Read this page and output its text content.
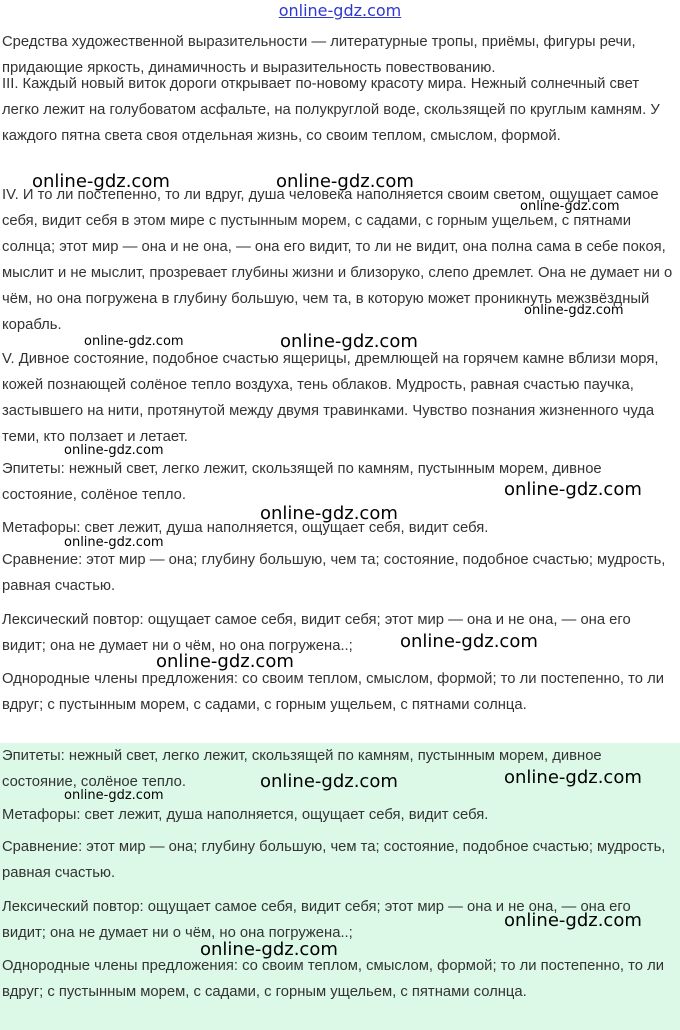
online-gdz.com

Средства художественной выразительности — литературные тропы, приёмы, фигуры речи, придающие яркость, динамичность и выразительность повествованию.

III. Каждый новый виток дороги открывает по-новому красоту мира. Нежный солнечный свет легко лежит на голубоватом асфальте, на полукруглой воде, скользящей по круглым камням. У каждого пятна света своя отдельная жизнь, со своим теплом, смыслом, формой.

IV. И то ли постепенно, то ли вдруг, душа человека наполняется своим светом, ощущает самое себя, видит себя в этом мире с пустынным морем, с садами, с горным ущельем, с пятнами солнца; этот мир — она и не она, — она его видит, то ли не видит, она полна сама в себе покоя, мыслит и не мыслит, прозревает глубины жизни и близоруко, слепо дремлет. Она не думает ни о чём, но она погружена в глубину большую, чем та, в которую может проникнуть межзвёздный корабль.

V. Дивное состояние, подобное счастью ящерицы, дремлющей на горячем камне вблизи моря, кожей познающей солёное тепло воздуха, тень облаков. Мудрость, равная счастью паучка, застывшего на нити, протянутой между двумя травинками. Чувство познания жизненного чуда теми, кто ползает и летает.

Эпитеты: нежный свет, легко лежит, скользящей по камням, пустынным морем, дивное состояние, солёное тепло.

Метафоры: свет лежит, душа наполняется, ощущает себя, видит себя.

Сравнение: этот мир — она; глубину большую, чем та; состояние, подобное счастью; мудрость, равная счастью.

Лексический повтор: ощущает самое себя, видит себя; этот мир — она и не она, — она его видит; она не думает ни о чём, но она погружена..;

Однородные члены предложения: со своим теплом, смыслом, формой; то ли постепенно, то ли вдруг; с пустынным морем, с садами, с горным ущельем, с пятнами солнца.

Эпитеты: нежный свет, легко лежит, скользящей по камням, пустынным морем, дивное состояние, солёное тепло.

Метафоры: свет лежит, душа наполняется, ощущает себя, видит себя.

Сравнение: этот мир — она; глубину большую, чем та; состояние, подобное счастью; мудрость, равная счастью.

Лексический повтор: ощущает самое себя, видит себя; этот мир — она и не она, — она его видит; она не думает ни о чём, но она погружена..;

Однородные члены предложения: со своим теплом, смыслом, формой; то ли постепенно, то ли вдруг; с пустынным морем, с садами, с горным ущельем, с пятнами солнца.

online-gdz.com	online-gdz.com
online-gdz.com
online-gdz.com
online-gdz.com	online-gdz.com
online-gdz.com
online-gdz.com
online-gdz.com
online-gdz.com
online-gdz.com
online-gdz.com
online-gdz.com	online-gdz.com
online-gdz.com
online-gdz.com
online-gdz.com
